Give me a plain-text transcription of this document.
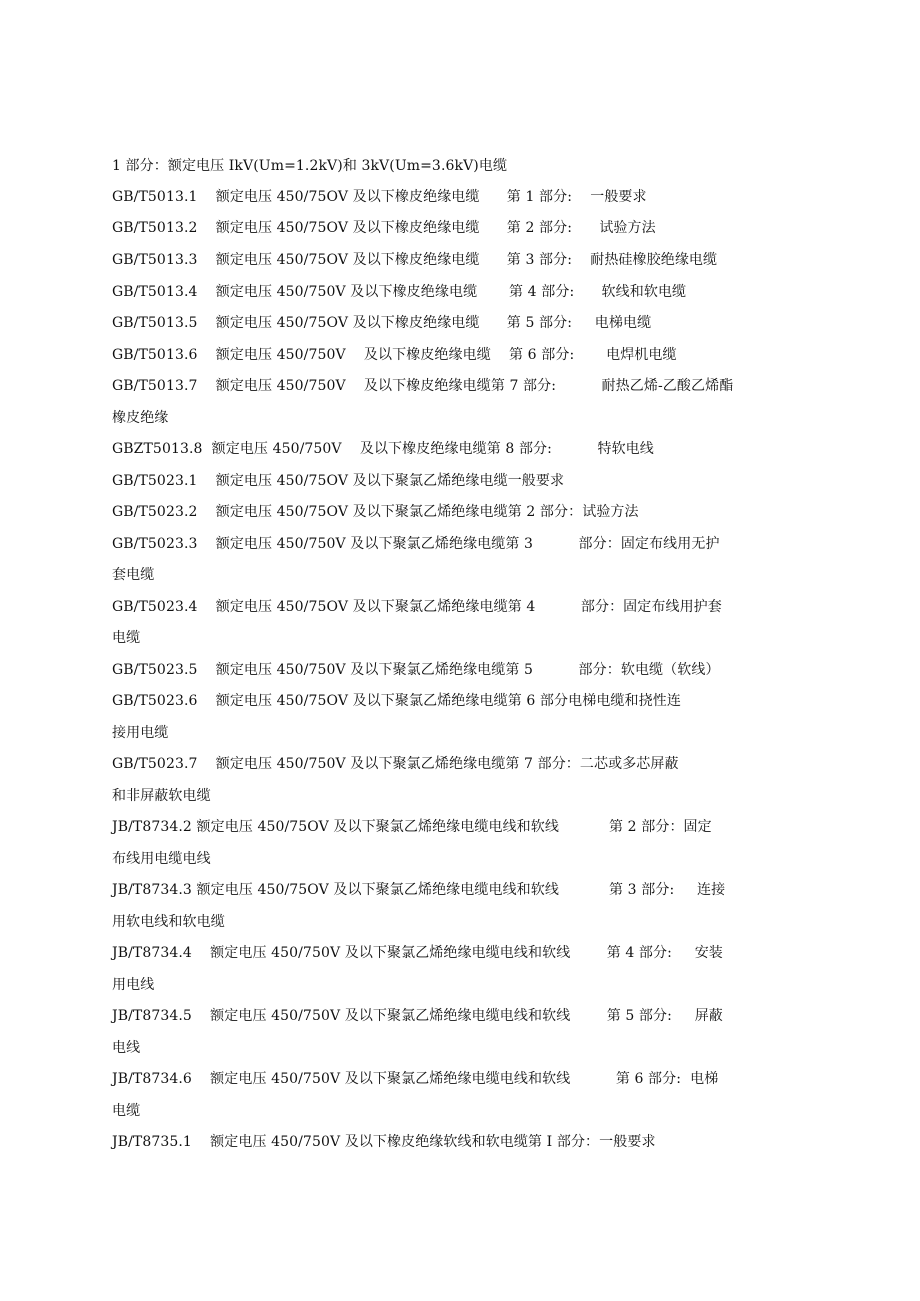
1 部分：额定电压 IkV(Um=1.2kV)和 3kV(Um=3.6kV)电缆
GB/T5013.1    额定电压 450/75OV 及以下橡皮绝缘电缆      第 1 部分:    一般要求
GB/T5013.2    额定电压 450/75OV 及以下橡皮绝缘电缆      第 2 部分:      试验方法
GB/T5013.3    额定电压 450/75OV 及以下橡皮绝缘电缆      第 3 部分:    耐热硅橡胶绝缘电缆
GB/T5013.4    额定电压 450/750V 及以下橡皮绝缘电缆       第 4 部分:      软线和软电缆
GB/T5013.5    额定电压 450/75OV 及以下橡皮绝缘电缆      第 5 部分:     电梯电缆
GB/T5013.6    额定电压 450/750V    及以下橡皮绝缘电缆    第 6 部分:       电焊机电缆
GB/T5013.7    额定电压 450/750V    及以下橡皮绝缘电缆第 7 部分:          耐热乙烯-乙酸乙烯酯
橡皮绝缘
GBZT5013.8  额定电压 450/750V    及以下橡皮绝缘电缆第 8 部分:          特软电线
GB/T5023.1    额定电压 450/75OV 及以下聚氯乙烯绝缘电缆一般要求
GB/T5023.2    额定电压 450/75OV 及以下聚氯乙烯绝缘电缆第 2 部分：试验方法
GB/T5023.3    额定电压 450/750V 及以下聚氯乙烯绝缘电缆第 3          部分：固定布线用无护
套电缆
GB/T5023.4    额定电压 450/75OV 及以下聚氯乙烯绝缘电缆第 4          部分：固定布线用护套
电缆
GB/T5023.5    额定电压 450/750V 及以下聚氯乙烯绝缘电缆第 5          部分：软电缆（软线）
GB/T5023.6    额定电压 450/75OV 及以下聚氯乙烯绝缘电缆第 6 部分电梯电缆和挠性连
接用电缆
GB/T5023.7    额定电压 450/750V 及以下聚氯乙烯绝缘电缆第 7 部分：二芯或多芯屏蔽
和非屏蔽软电缆
JB/T8734.2 额定电压 450/75OV 及以下聚氯乙烯绝缘电缆电线和软线           第 2 部分：固定
布线用电缆电线
JB/T8734.3 额定电压 450/75OV 及以下聚氯乙烯绝缘电缆电线和软线           第 3 部分:     连接
用软电线和软电缆
JB/T8734.4    额定电压 450/750V 及以下聚氯乙烯绝缘电缆电线和软线        第 4 部分:     安装
用电线
JB/T8734.5    额定电压 450/750V 及以下聚氯乙烯绝缘电缆电线和软线        第 5 部分:     屏蔽
电线
JB/T8734.6    额定电压 450/750V 及以下聚氯乙烯绝缘电缆电线和软线          第 6 部分:  电梯
电缆
JB/T8735.1    额定电压 450/750V 及以下橡皮绝缘软线和软电缆第 I 部分：一般要求
